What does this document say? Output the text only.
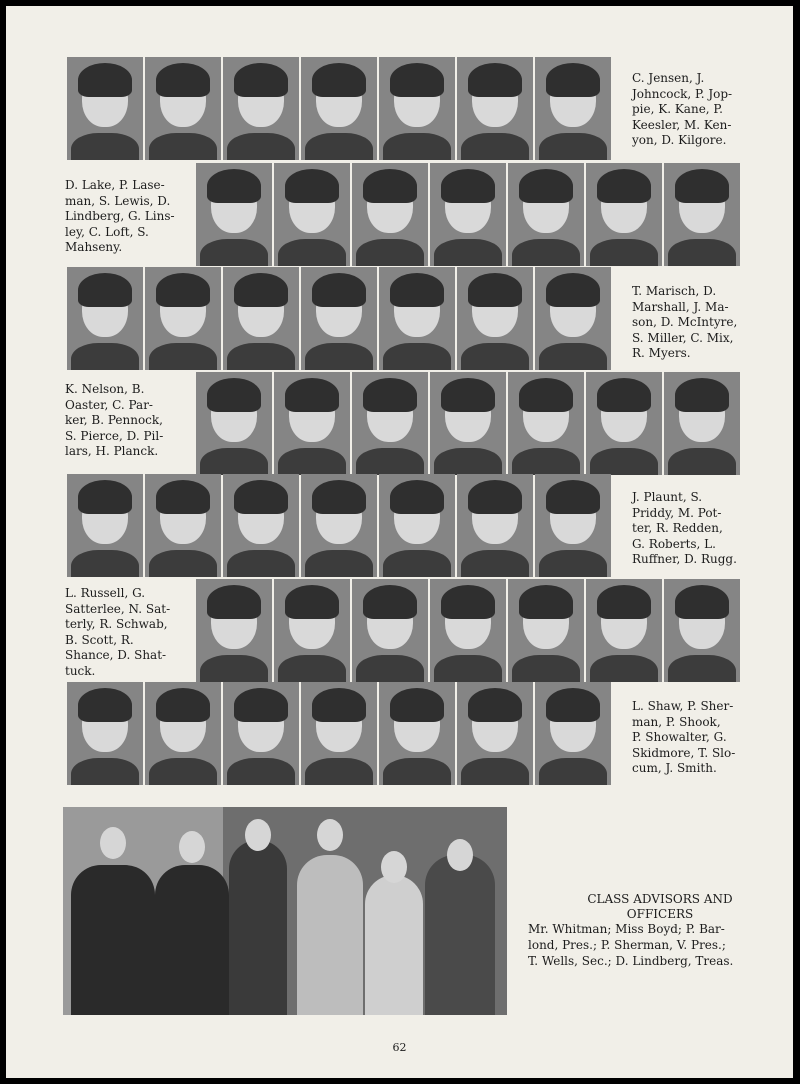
C. Jensen, J.
Johncock, P. Jop-
pie, K. Kane, P.
Keesler, M. Ken-
yon, D. Kilgore.
D. Lake, P. Lase-
man, S. Lewis, D.
Lindberg, G. Lins-
ley, C. Loft, S.
Mahseny.
T. Marisch, D.
Marshall, J. Ma-
son, D. McIntyre,
S. Miller, C. Mix,
R. Myers.
K. Nelson, B.
Oaster, C. Par-
ker, B. Pennock,
S. Pierce, D. Pil-
lars, H. Planck.
J. Plaunt, S.
Priddy, M. Pot-
ter, R. Redden,
G. Roberts, L.
Ruffner, D. Rugg.
L. Russell, G.
Satterlee, N. Sat-
terly, R. Schwab,
B. Scott, R.
Shance, D. Shat-
tuck.
L. Shaw, P. Sher-
man, P. Shook,
P. Showalter, G.
Skidmore, T. Slo-
cum, J. Smith.
CLASS ADVISORS AND
OFFICERS
Mr. Whitman; Miss Boyd; P. Bar-
lond, Pres.; P. Sherman, V. Pres.;
T. Wells, Sec.; D. Lindberg, Treas.
62
